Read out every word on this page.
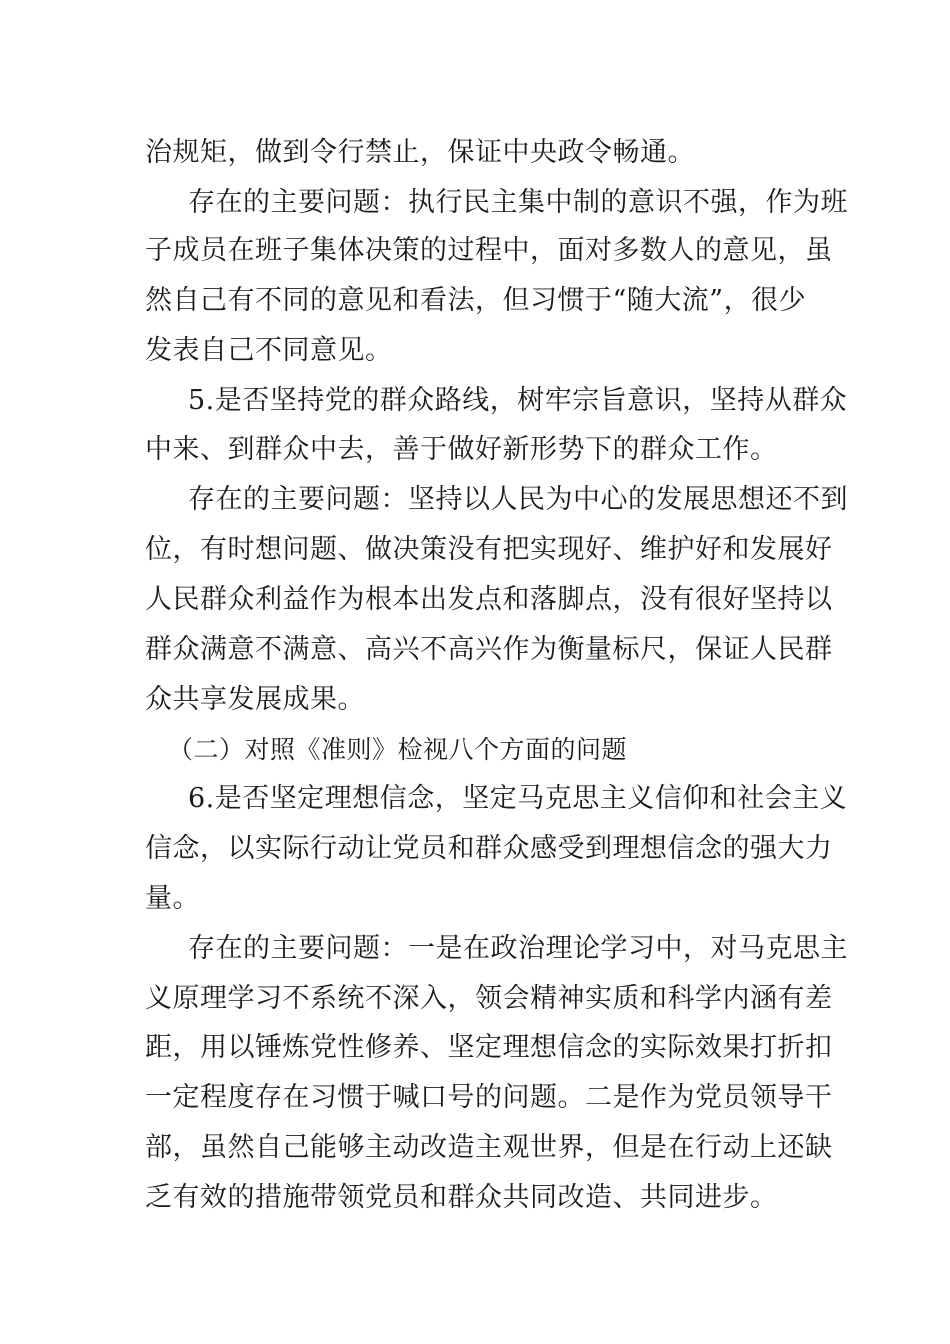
治规矩，做到令行禁止，保证中央政令畅通。
存在的主要问题：执行民主集中制的意识不强，作为班
子成员在班子集体决策的过程中，面对多数人的意见，虽
然自己有不同的意见和看法，但习惯于“随大流”，很少
发表自己不同意见。
5.是否坚持党的群众路线，树牢宗旨意识，坚持从群众
中来、到群众中去，善于做好新形势下的群众工作。
存在的主要问题：坚持以人民为中心的发展思想还不到
位，有时想问题、做决策没有把实现好、维护好和发展好
人民群众利益作为根本出发点和落脚点，没有很好坚持以
群众满意不满意、高兴不高兴作为衡量标尺，保证人民群
众共享发展成果。
（二）对照《准则》检视八个方面的问题
6.是否坚定理想信念，坚定马克思主义信仰和社会主义
信念，以实际行动让党员和群众感受到理想信念的强大力
量。
存在的主要问题：一是在政治理论学习中，对马克思主
义原理学习不系统不深入，领会精神实质和科学内涵有差
距，用以锤炼党性修养、坚定理想信念的实际效果打折扣
一定程度存在习惯于喊口号的问题。二是作为党员领导干
部，虽然自己能够主动改造主观世界，但是在行动上还缺
乏有效的措施带领党员和群众共同改造、共同进步。
